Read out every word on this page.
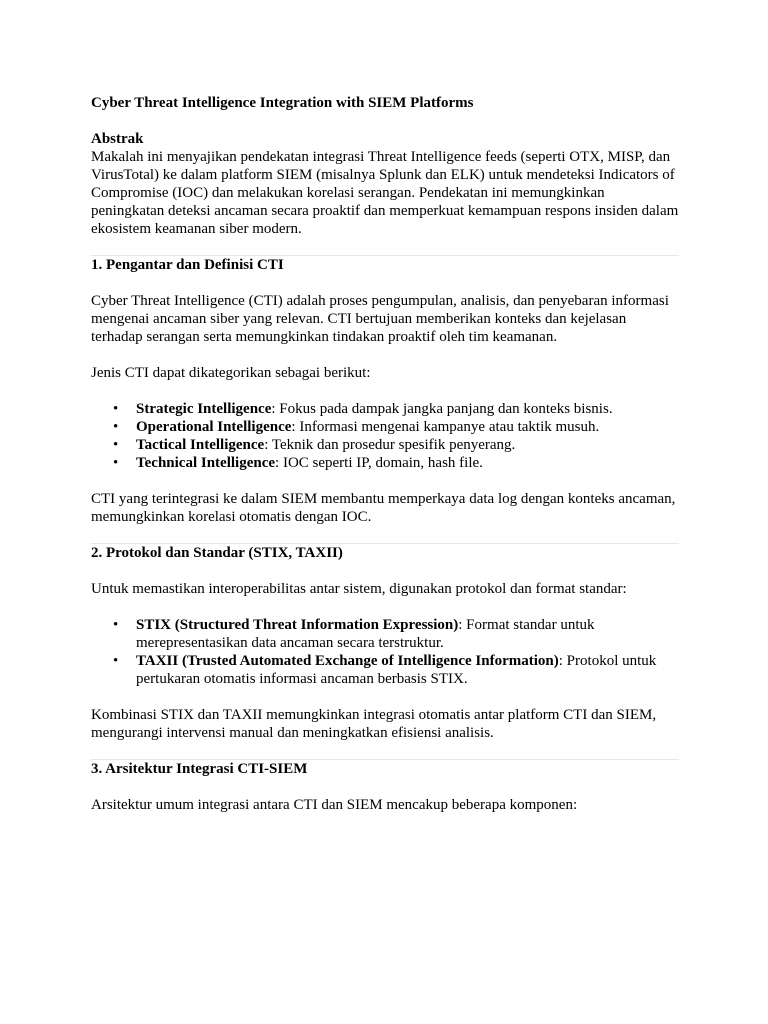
Cyber Threat Intelligence Integration with SIEM Platforms

Abstrak

Makalah ini menyajikan pendekatan integrasi Threat Intelligence feeds (seperti OTX, MISP, dan VirusTotal) ke dalam platform SIEM (misalnya Splunk dan ELK) untuk mendeteksi Indicators of Compromise (IOC) dan melakukan korelasi serangan. Pendekatan ini memungkinkan peningkatan deteksi ancaman secara proaktif dan memperkuat kemampuan respons insiden dalam ekosistem keamanan siber modern.

1. Pengantar dan Definisi CTI

Cyber Threat Intelligence (CTI) adalah proses pengumpulan, analisis, dan penyebaran informasi mengenai ancaman siber yang relevan. CTI bertujuan memberikan konteks dan kejelasan terhadap serangan serta memungkinkan tindakan proaktif oleh tim keamanan.

Jenis CTI dapat dikategorikan sebagai berikut:

• Strategic Intelligence: Fokus pada dampak jangka panjang dan konteks bisnis.
• Operational Intelligence: Informasi mengenai kampanye atau taktik musuh.
• Tactical Intelligence: Teknik dan prosedur spesifik penyerang.
• Technical Intelligence: IOC seperti IP, domain, hash file.

CTI yang terintegrasi ke dalam SIEM membantu memperkaya data log dengan konteks ancaman, memungkinkan korelasi otomatis dengan IOC.

2. Protokol dan Standar (STIX, TAXII)

Untuk memastikan interoperabilitas antar sistem, digunakan protokol dan format standar:

• STIX (Structured Threat Information Expression): Format standar untuk merepresentasikan data ancaman secara terstruktur.
• TAXII (Trusted Automated Exchange of Intelligence Information): Protokol untuk pertukaran otomatis informasi ancaman berbasis STIX.

Kombinasi STIX dan TAXII memungkinkan integrasi otomatis antar platform CTI dan SIEM, mengurangi intervensi manual dan meningkatkan efisiensi analisis.

3. Arsitektur Integrasi CTI-SIEM

Arsitektur umum integrasi antara CTI dan SIEM mencakup beberapa komponen:
